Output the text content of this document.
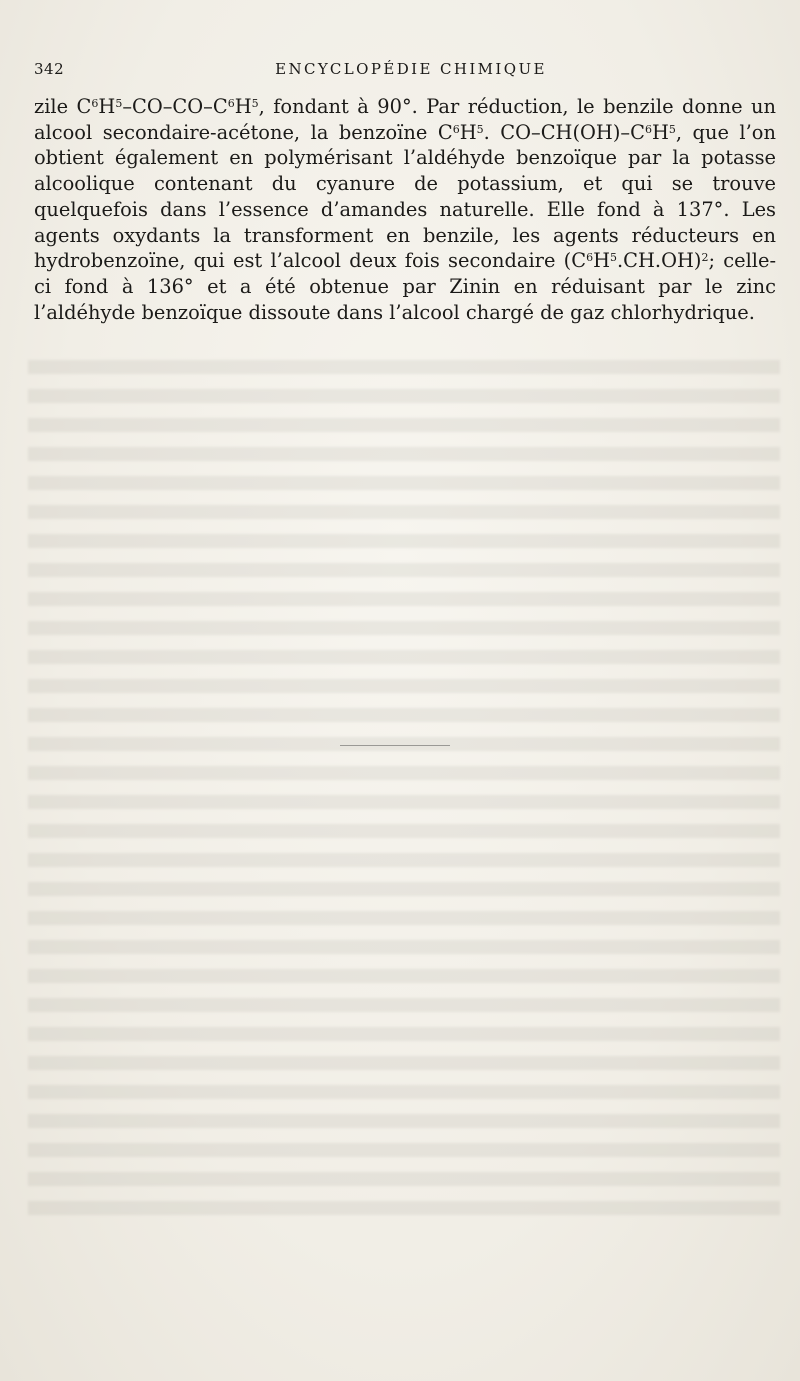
342	ENCYCLOPÉDIE CHIMIQUE
zile $C^6H^5-CO-CO-C^6H^5$, fondant à 90°. Par réduction, le benzile donne un alcool secondaire-acétone, la benzoïne $C^6H^5$. $CO-CH(OH)-C^6H^5$, que l’on obtient également en polymérisant l’aldéhyde benzoïque par la potasse alcoolique contenant du cyanure de potassium, et qui se trouve quelquefois dans l’essence d’amandes naturelle. Elle fond à 137°. Les agents oxydants la transforment en benzile, les agents réducteurs en hydrobenzoïne, qui est l’alcool deux fois secondaire $(C^6H^5.CH.OH)^2$; celle-ci fond à 136° et a été obtenue par Zinin en réduisant par le zinc l’aldéhyde benzoïque dissoute dans l’alcool chargé de gaz chlorhydrique.
